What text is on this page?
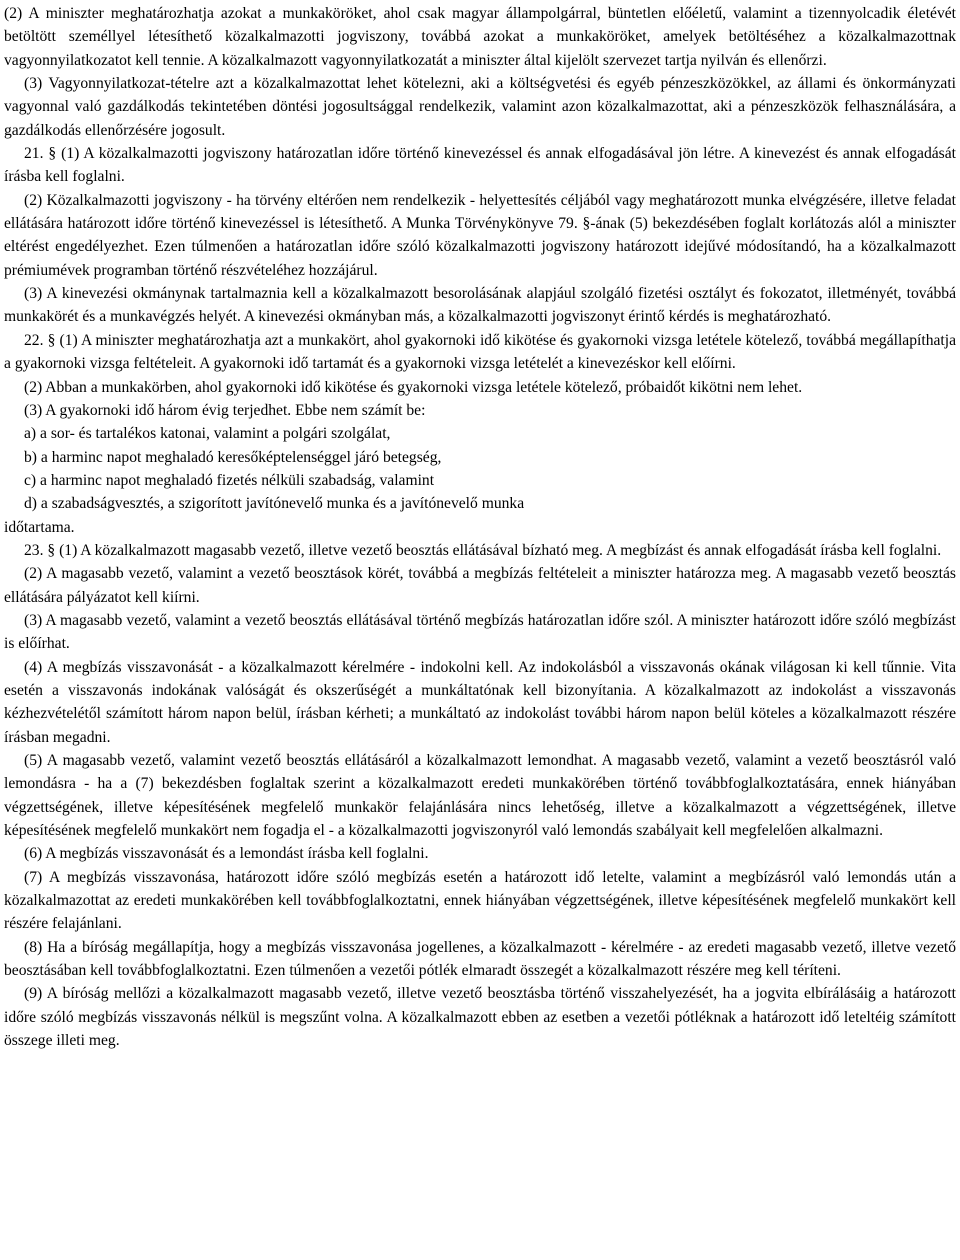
(2) A miniszter meghatározhatja azokat a munkaköröket, ahol csak magyar állampolgárral, büntetlen előéletű, valamint a tizennyolcadik életévét betöltött személlyel létesíthető közalkalmazotti jogviszony, továbbá azokat a munkaköröket, amelyek betöltéséhez a közalkalmazottnak vagyonnyilatkozatot kell tennie. A közalkalmazott vagyonnyilatkozatát a miniszter által kijelölt szervezet tartja nyilván és ellenőrzi.

(3) Vagyonnyilatkozat-tételre azt a közalkalmazottat lehet kötelezni, aki a költségvetési és egyéb pénzeszközökkel, az állami és önkormányzati vagyonnal való gazdálkodás tekintetében döntési jogosultsággal rendelkezik, valamint azon közalkalmazottat, aki a pénzeszközök felhasználására, a gazdálkodás ellenőrzésére jogosult.

21. § (1) A közalkalmazotti jogviszony határozatlan időre történő kinevezéssel és annak elfogadásával jön létre. A kinevezést és annak elfogadását írásba kell foglalni.

(2) Közalkalmazotti jogviszony - ha törvény eltérően nem rendelkezik - helyettesítés céljából vagy meghatározott munka elvégzésére, illetve feladat ellátására határozott időre történő kinevezéssel is létesíthető. A Munka Törvénykönyve 79. §-ának (5) bekezdésében foglalt korlátozás alól a miniszter eltérést engedélyezhet. Ezen túlmenően a határozatlan időre szóló közalkalmazotti jogviszony határozott idejűvé módosítandó, ha a közalkalmazott prémiumévek programban történő részvételéhez hozzájárul.

(3) A kinevezési okmánynak tartalmaznia kell a közalkalmazott besorolásának alapjául szolgáló fizetési osztályt és fokozatot, illetményét, továbbá munkakörét és a munkavégzés helyét. A kinevezési okmányban más, a közalkalmazotti jogviszonyt érintő kérdés is meghatározható.

22. § (1) A miniszter meghatározhatja azt a munkakört, ahol gyakornoki idő kikötése és gyakornoki vizsga letétele kötelező, továbbá megállapíthatja a gyakornoki vizsga feltételeit. A gyakornoki idő tartamát és a gyakornoki vizsga letételét a kinevezéskor kell előírni.

(2) Abban a munkakörben, ahol gyakornoki idő kikötése és gyakornoki vizsga letétele kötelező, próbaidőt kikötni nem lehet.

(3) A gyakornoki idő három évig terjedhet. Ebbe nem számít be:

a) a sor- és tartalékos katonai, valamint a polgári szolgálat,

b) a harminc napot meghaladó keresőképtelenséggel járó betegség,

c) a harminc napot meghaladó fizetés nélküli szabadság, valamint

d) a szabadságvesztés, a szigorított javítónevelő munka és a javítónevelő munka

időtartama.

23. § (1) A közalkalmazott magasabb vezető, illetve vezető beosztás ellátásával bízható meg. A megbízást és annak elfogadását írásba kell foglalni.

(2) A magasabb vezető, valamint a vezető beosztások körét, továbbá a megbízás feltételeit a miniszter határozza meg. A magasabb vezető beosztás ellátására pályázatot kell kiírni.

(3) A magasabb vezető, valamint a vezető beosztás ellátásával történő megbízás határozatlan időre szól. A miniszter határozott időre szóló megbízást is előírhat.

(4) A megbízás visszavonását - a közalkalmazott kérelmére - indokolni kell. Az indokolásból a visszavonás okának világosan ki kell tűnnie. Vita esetén a visszavonás indokának valóságát és okszerűségét a munkáltatónak kell bizonyítania. A közalkalmazott az indokolást a visszavonás kézhezvételétől számított három napon belül, írásban kérheti; a munkáltató az indokolást további három napon belül köteles a közalkalmazott részére írásban megadni.

(5) A magasabb vezető, valamint vezető beosztás ellátásáról a közalkalmazott lemondhat. A magasabb vezető, valamint a vezető beosztásról való lemondásra - ha a (7) bekezdésben foglaltak szerint a közalkalmazott eredeti munkakörében történő továbbfoglalkoztatására, ennek hiányában végzettségének, illetve képesítésének megfelelő munkakör felajánlására nincs lehetőség, illetve a közalkalmazott a végzettségének, illetve képesítésének megfelelő munkakört nem fogadja el - a közalkalmazotti jogviszonyról való lemondás szabályait kell megfelelően alkalmazni.

(6) A megbízás visszavonását és a lemondást írásba kell foglalni.

(7) A megbízás visszavonása, határozott időre szóló megbízás esetén a határozott idő letelte, valamint a megbízásról való lemondás után a közalkalmazottat az eredeti munkakörében kell továbbfoglalkoztatni, ennek hiányában végzettségének, illetve képesítésének megfelelő munkakört kell részére felajánlani.

(8) Ha a bíróság megállapítja, hogy a megbízás visszavonása jogellenes, a közalkalmazott - kérelmére - az eredeti magasabb vezető, illetve vezető beosztásában kell továbbfoglalkoztatni. Ezen túlmenően a vezetői pótlék elmaradt összegét a közalkalmazott részére meg kell téríteni.

(9) A bíróság mellőzi a közalkalmazott magasabb vezető, illetve vezető beosztásba történő visszahelyezését, ha a jogvita elbírálásáig a határozott időre szóló megbízás visszavonás nélkül is megszűnt volna. A közalkalmazott ebben az esetben a vezetői pótléknak a határozott idő leteltéig számított összege illeti meg.
